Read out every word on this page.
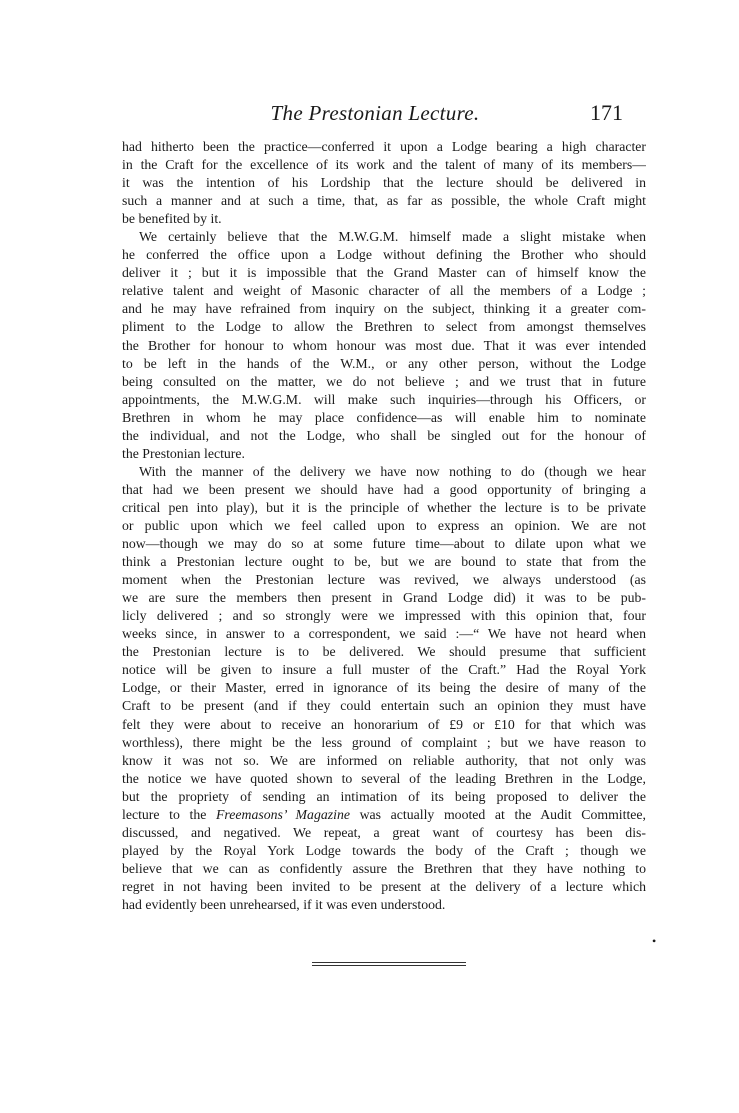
The Prestonian Lecture.	171
had hitherto been the practice—conferred it upon a Lodge bearing a high character
in the Craft for the excellence of its work and the talent of many of its members—
it was the intention of his Lordship that the lecture should be delivered in
such a manner and at such a time, that, as far as possible, the whole Craft might
be benefited by it.
We certainly believe that the M.W.G.M. himself made a slight mistake when
he conferred the office upon a Lodge without defining the Brother who should
deliver it ; but it is impossible that the Grand Master can of himself know the
relative talent and weight of Masonic character of all the members of a Lodge ;
and he may have refrained from inquiry on the subject, thinking it a greater com-
pliment to the Lodge to allow the Brethren to select from amongst themselves
the Brother for honour to whom honour was most due. That it was ever intended
to be left in the hands of the W.M., or any other person, without the Lodge
being consulted on the matter, we do not believe ; and we trust that in future
appointments, the M.W.G.M. will make such inquiries—through his Officers, or
Brethren in whom he may place confidence—as will enable him to nominate
the individual, and not the Lodge, who shall be singled out for the honour of
the Prestonian lecture.
With the manner of the delivery we have now nothing to do (though we hear
that had we been present we should have had a good opportunity of bringing a
critical pen into play), but it is the principle of whether the lecture is to be private
or public upon which we feel called upon to express an opinion. We are not
now—though we may do so at some future time—about to dilate upon what we
think a Prestonian lecture ought to be, but we are bound to state that from the
moment when the Prestonian lecture was revived, we always understood (as
we are sure the members then present in Grand Lodge did) it was to be pub-
licly delivered ; and so strongly were we impressed with this opinion that, four
weeks since, in answer to a correspondent, we said :—“ We have not heard when
the Prestonian lecture is to be delivered. We should presume that sufficient
notice will be given to insure a full muster of the Craft.” Had the Royal York
Lodge, or their Master, erred in ignorance of its being the desire of many of the
Craft to be present (and if they could entertain such an opinion they must have
felt they were about to receive an honorarium of £9 or £10 for that which was
worthless), there might be the less ground of complaint ; but we have reason to
know it was not so. We are informed on reliable authority, that not only was
the notice we have quoted shown to several of the leading Brethren in the Lodge,
but the propriety of sending an intimation of its being proposed to deliver the
lecture to the Freemasons’ Magazine was actually mooted at the Audit Committee,
discussed, and negatived. We repeat, a great want of courtesy has been dis-
played by the Royal York Lodge towards the body of the Craft ; though we
believe that we can as confidently assure the Brethren that they have nothing to
regret in not having been invited to be present at the delivery of a lecture which
had evidently been unrehearsed, if it was even understood.
•
